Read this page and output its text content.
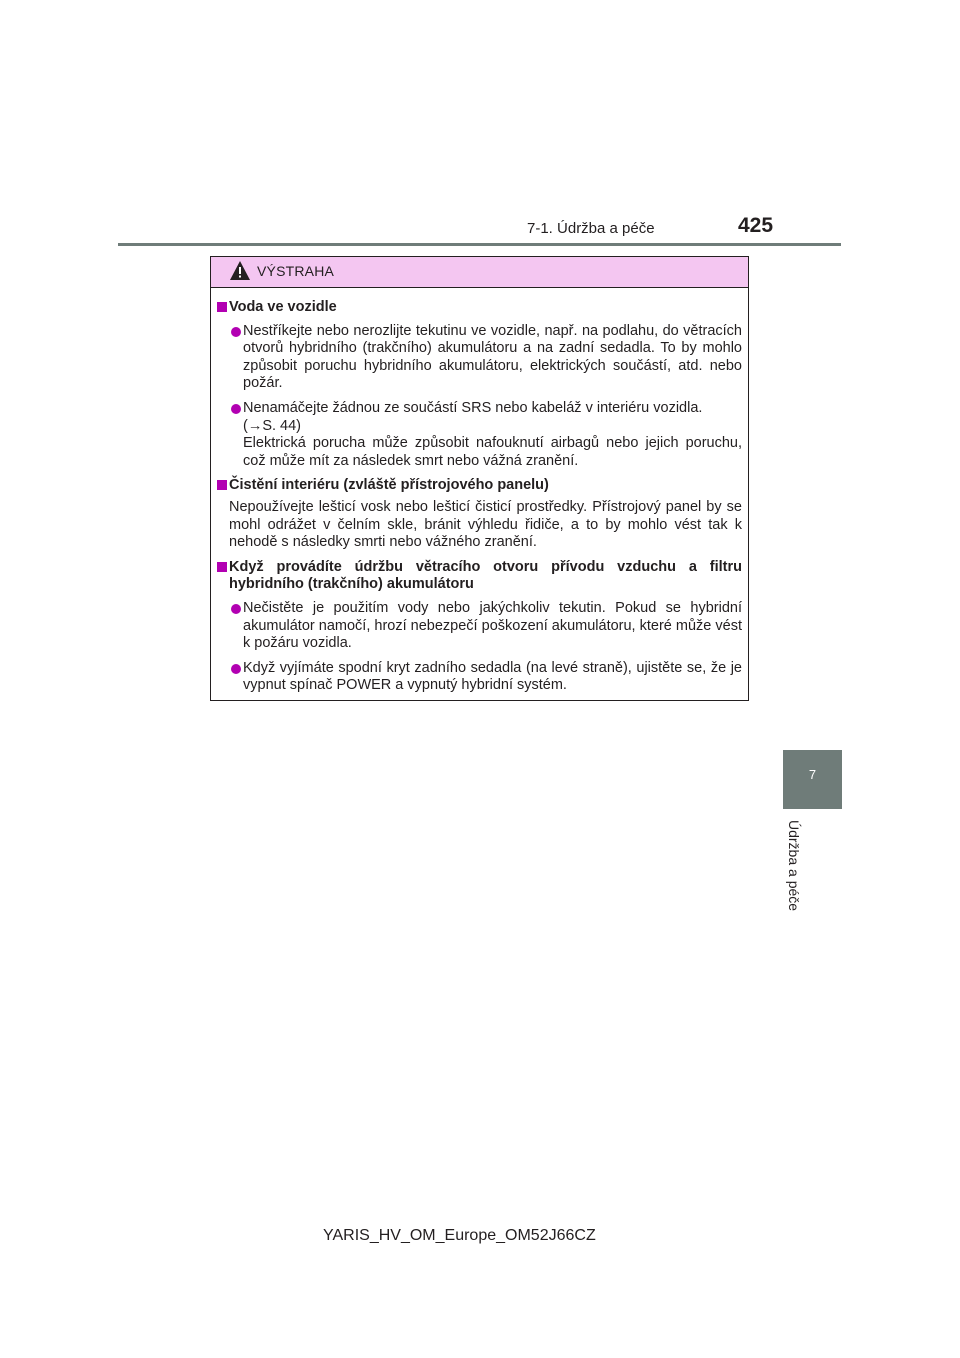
7-1. Údržba a péče	425
7
Údržba a péče
VÝSTRAHA
Voda ve vozidle
Nestříkejte nebo nerozlijte tekutinu ve vozidle, např. na podlahu, do větracích otvorů hybridního (trakčního) akumulátoru a na zadní sedadla. To by mohlo způsobit poruchu hybridního akumulátoru, elektrických součástí, atd. nebo požár.
Nenamáčejte žádnou ze součástí SRS nebo kabeláž v interiéru vozidla.
(→S. 44)
Elektrická porucha může způsobit nafouknutí airbagů nebo jejich poruchu, což může mít za následek smrt nebo vážná zranění.
Čistění interiéru (zvláště přístrojového panelu)
Nepoužívejte lešticí vosk nebo lešticí čisticí prostředky. Přístrojový panel by se mohl odrážet v čelním skle, bránit výhledu řidiče, a to by mohlo vést tak k nehodě s následky smrti nebo vážného zranění.
Když provádíte údržbu větracího otvoru přívodu vzduchu a filtru hybridního (trakčního) akumulátoru
Nečistěte je použitím vody nebo jakýchkoliv tekutin. Pokud se hybridní akumulátor namočí, hrozí nebezpečí poškození akumulátoru, které může vést k požáru vozidla.
Když vyjímáte spodní kryt zadního sedadla (na levé straně), ujistěte se, že je vypnut spínač POWER a vypnutý hybridní systém.
YARIS_HV_OM_Europe_OM52J66CZ
